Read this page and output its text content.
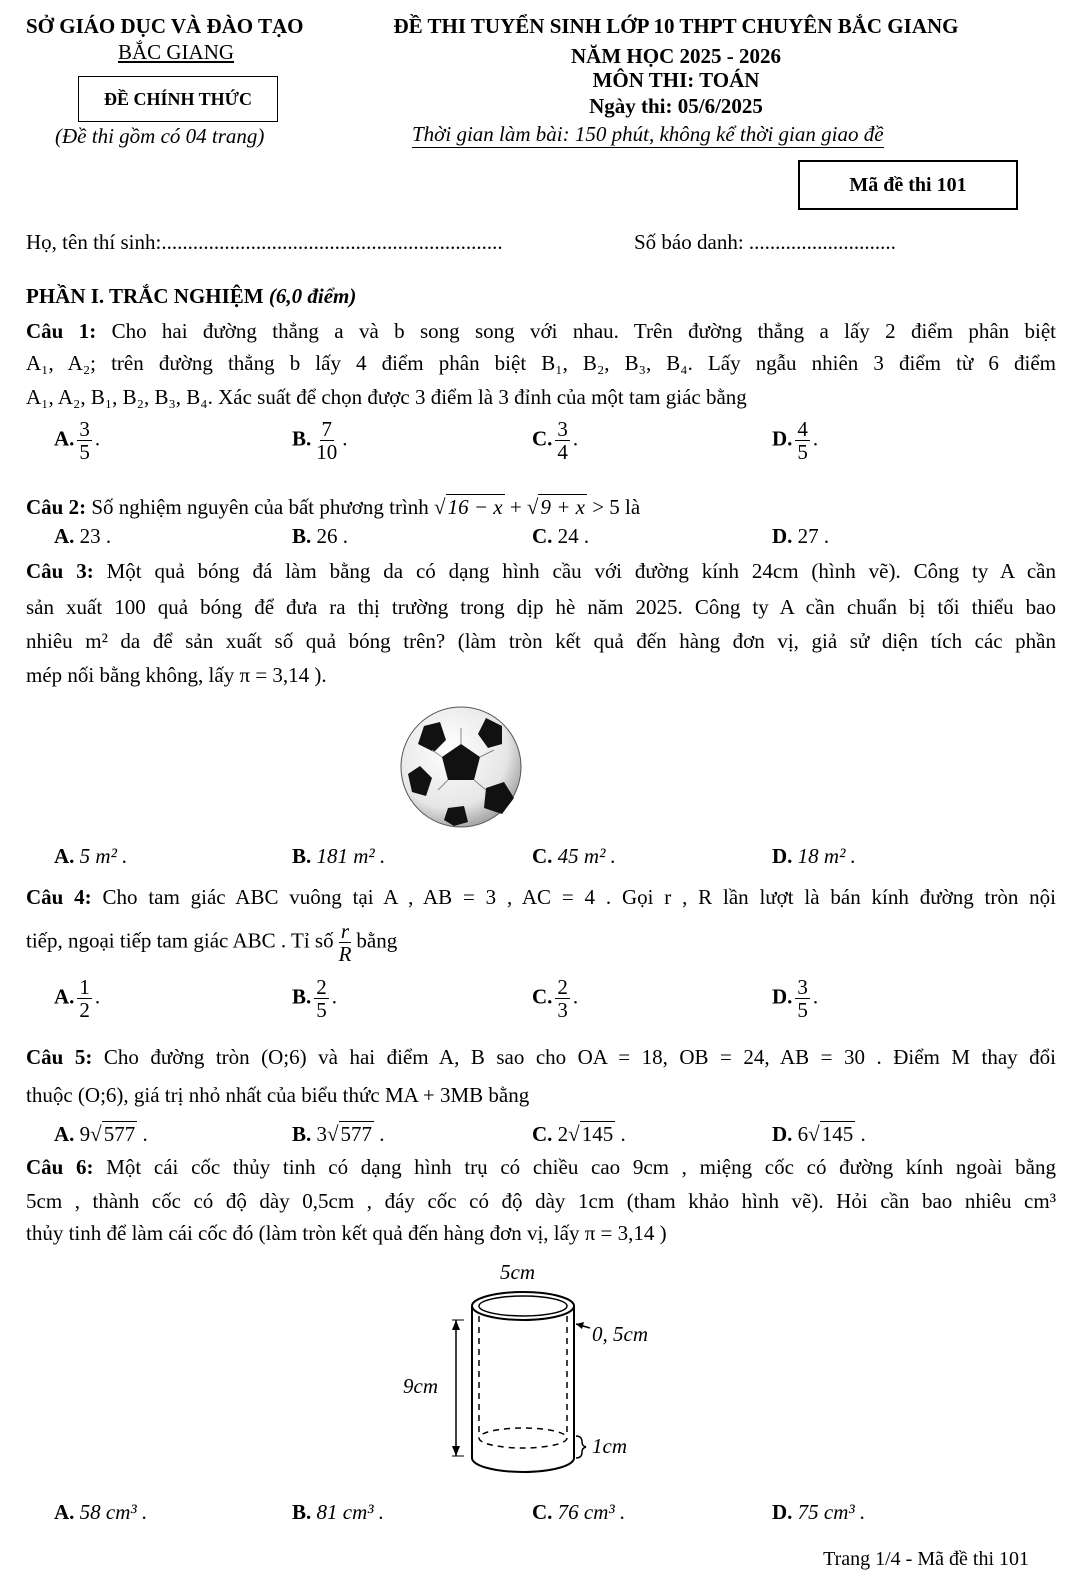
SỞ GIÁO DỤC VÀ ĐÀO TẠO
BẮC GIANG
ĐỀ CHÍNH THỨC
(Đề thi gồm có 04 trang)
ĐỀ THI TUYỂN SINH LỚP 10 THPT CHUYÊN BẮC GIANG
NĂM HỌC 2025 - 2026
MÔN THI: TOÁN
Ngày thi: 05/6/2025
Thời gian làm bài: 150 phút, không kể thời gian giao đề
Mã đề thi 101
Họ, tên thí sinh:.................................................................	Số báo danh: ............................
PHẦN I. TRẮC NGHIỆM (6,0 điểm)
Câu 1: Cho hai đường thẳng a và b song song với nhau. Trên đường thẳng a lấy 2 điểm phân biệt
A₁, A₂; trên đường thẳng b lấy 4 điểm phân biệt B₁, B₂, B₃, B₄. Lấy ngẫu nhiên 3 điểm từ 6 điểm
A₁, A₂, B₁, B₂, B₃, B₄. Xác suất để chọn được 3 điểm là 3 đỉnh của một tam giác bằng
A. $\frac{3}{5}$ .	B. $\frac{7}{10}$ .	C. $\frac{3}{4}$ .	D. $\frac{4}{5}$ .
Câu 2: Số nghiệm nguyên của bất phương trình √16 − x + √9 + x > 5 là
A. 23 .	B. 26 .	C. 24 .	D. 27 .
Câu 3: Một quả bóng đá làm bằng da có dạng hình cầu với đường kính 24cm (hình vẽ). Công ty A cần
sản xuất 100 quả bóng để đưa ra thị trường trong dịp hè năm 2025. Công ty A cần chuẩn bị tối thiểu bao
nhiêu m² da để sản xuất số quả bóng trên? (làm tròn kết quả đến hàng đơn vị, giả sử diện tích các phần
mép nối bằng không, lấy π = 3,14 ).
A. 5 m² .	B. 181 m² .	C. 45 m² .	D. 18 m² .
Câu 4: Cho tam giác ABC vuông tại A , AB = 3 , AC = 4 . Gọi r , R lần lượt là bán kính đường tròn nội
tiếp, ngoại tiếp tam giác ABC . Tỉ số $\frac{r}{R}$ bằng
A. $\frac{1}{2}$ .	B. $\frac{2}{5}$ .	C. $\frac{2}{3}$ .	D. $\frac{3}{5}$ .
Câu 5: Cho đường tròn (O;6) và hai điểm A, B sao cho OA = 18, OB = 24, AB = 30 . Điểm M thay đổi
thuộc (O;6), giá trị nhỏ nhất của biểu thức MA + 3MB bằng
A. 9√577 .	B. 3√577 .	C. 2√145 .	D. 6√145 .
Câu 6: Một cái cốc thủy tinh có dạng hình trụ có chiều cao 9cm , miệng cốc có đường kính ngoài bằng
5cm , thành cốc có độ dày 0,5cm , đáy cốc có độ dày 1cm (tham khảo hình vẽ). Hỏi cần bao nhiêu cm³
thủy tinh để làm cái cốc đó (làm tròn kết quả đến hàng đơn vị, lấy π = 3,14 )
5cm
0, 5cm
9cm
1cm
A. 58 cm³ .	B. 81 cm³ .	C. 76 cm³ .	D. 75 cm³ .
Trang 1/4 - Mã đề thi 101
